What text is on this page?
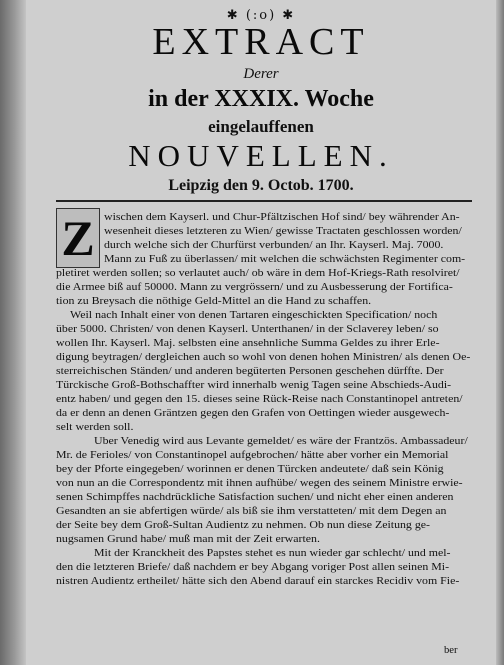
✱ (:o) ✱
EXTRACT
Derer
in der XXXIX. Woche
eingelauffenen
NOUVELLEN.
Leipzig den 9. Octob. 1700.
Z wischen dem Kayserl. und Chur-Pfältzischen Hof sind/ bey währender An-
wesenheit dieses letzteren zu Wien/ gewisse Tractaten geschlossen worden/
durch welche sich der Churfürst verbunden/ an Ihr. Kayserl. Maj. 7000.
Mann zu Fuß zu überlassen/ mit welchen die schwächsten Regimenter com-
pletiret werden sollen; so verlautet auch/ ob wäre in dem Hof-Kriegs-Rath resolviret/
die Armee biß auf 50000. Mann zu vergrössern/ und zu Ausbesserung der Fortifica-
tion zu Breysach die nöthige Geld-Mittel an die Hand zu schaffen.
Weil nach Inhalt einer von denen Tartaren eingeschickten Specification/ noch
über 5000. Christen/ von denen Kayserl. Unterthanen/ in der Sclaverey leben/ so
wollen Ihr. Kayserl. Maj. selbsten eine ansehnliche Summa Geldes zu ihrer Erle-
digung beytragen/ dergleichen auch so wohl von denen hohen Ministren/ als denen Oe-
sterreichischen Ständen/ und anderen begüterten Personen geschehen dürffte. Der
Türckische Groß-Bothschaffter wird innerhalb wenig Tagen seine Abschieds-Audi-
entz haben/ und gegen den 15. dieses seine Rück-Reise nach Constantinopel antreten/
da er denn an denen Gräntzen gegen den Grafen von Oettingen wieder ausgewech-
selt werden soll.
Uber Venedig wird aus Levante gemeldet/ es wäre der Frantzös. Ambassadeur/
Mr. de Ferioles/ von Constantinopel aufgebrochen/ hätte aber vorher ein Memorial
bey der Pforte eingegeben/ worinnen er denen Türcken andeutete/ daß sein König
von nun an die Correspondentz mit ihnen aufhübe/ wegen des seinem Ministre erwie-
senen Schimpffes nachdrückliche Satisfaction suchen/ und nicht eher einen anderen
Gesandten an sie abfertigen würde/ als biß sie ihm verstatteten/ mit dem Degen an
der Seite bey dem Groß-Sultan Audientz zu nehmen. Ob nun diese Zeitung ge-
nugsamen Grund habe/ muß man mit der Zeit erwarten.
Mit der Kranckheit des Papstes stehet es nun wieder gar schlecht/ und mel-
den die letzteren Briefe/ daß nachdem er bey Abgang voriger Post allen seinen Mi-
nistren Audientz ertheilet/ hätte sich den Abend darauf ein starckes Recidiv vom Fie-
ber
